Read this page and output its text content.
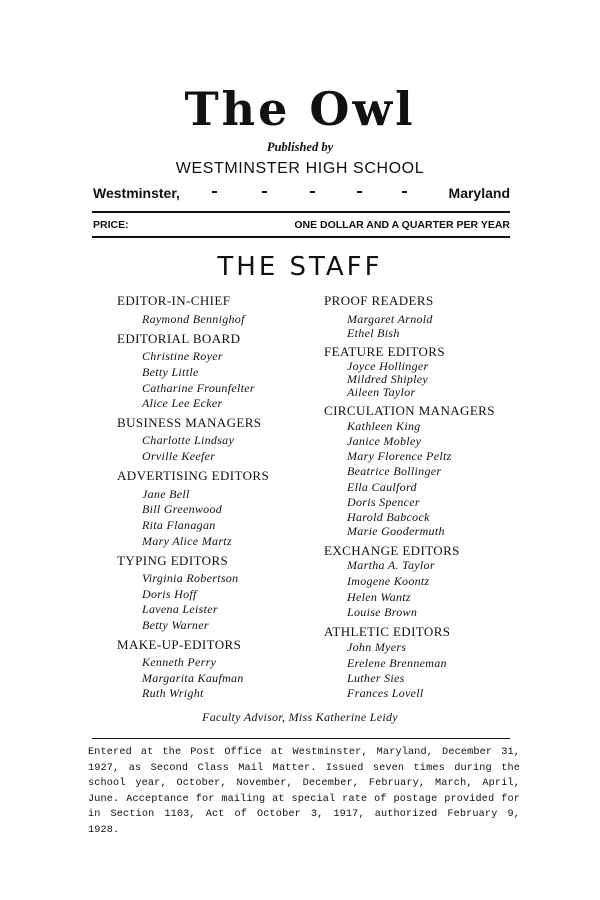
The Owl
Published by
WESTMINSTER HIGH SCHOOL
Westminster,	Maryland
PRICE:	ONE DOLLAR AND A QUARTER PER YEAR
THE STAFF
EDITOR-IN-CHIEF
Raymond Bennighof
EDITORIAL BOARD
Christine Royer
Betty Little
Catharine Frounfelter
Alice Lee Ecker
BUSINESS MANAGERS
Charlotte Lindsay
Orville Keefer
ADVERTISING EDITORS
Jane Bell
Bill Greenwood
Rita Flanagan
Mary Alice Martz
TYPING EDITORS
Virginia Robertson
Doris Hoff
Lavena Leister
Betty Warner
MAKE-UP-EDITORS
Kenneth Perry
Margarita Kaufman
Ruth Wright
PROOF READERS
Margaret Arnold
Ethel Bish
FEATURE EDITORS
Joyce Hollinger
Mildred Shipley
Aileen Taylor
CIRCULATION MANAGERS
Kathleen King
Janice Mobley
Mary Florence Peltz
Beatrice Bollinger
Ella Caulford
Doris Spencer
Harold Babcock
Marie Goodermuth
EXCHANGE EDITORS
Martha A. Taylor
Imogene Koontz
Helen Wantz
Louise Brown
ATHLETIC EDITORS
John Myers
Erelene Brenneman
Luther Sies
Frances Lovell
Faculty Advisor, Miss Katherine Leidy
Entered at the Post Office at Westminster, Maryland, December 31, 1927, as Second Class Mail Matter. Issued seven times during the school year, October, November, December, February, March, April, June. Acceptance for mailing at special rate of postage provided for in Section 1103, Act of October 3, 1917, authorized February 9, 1928.
